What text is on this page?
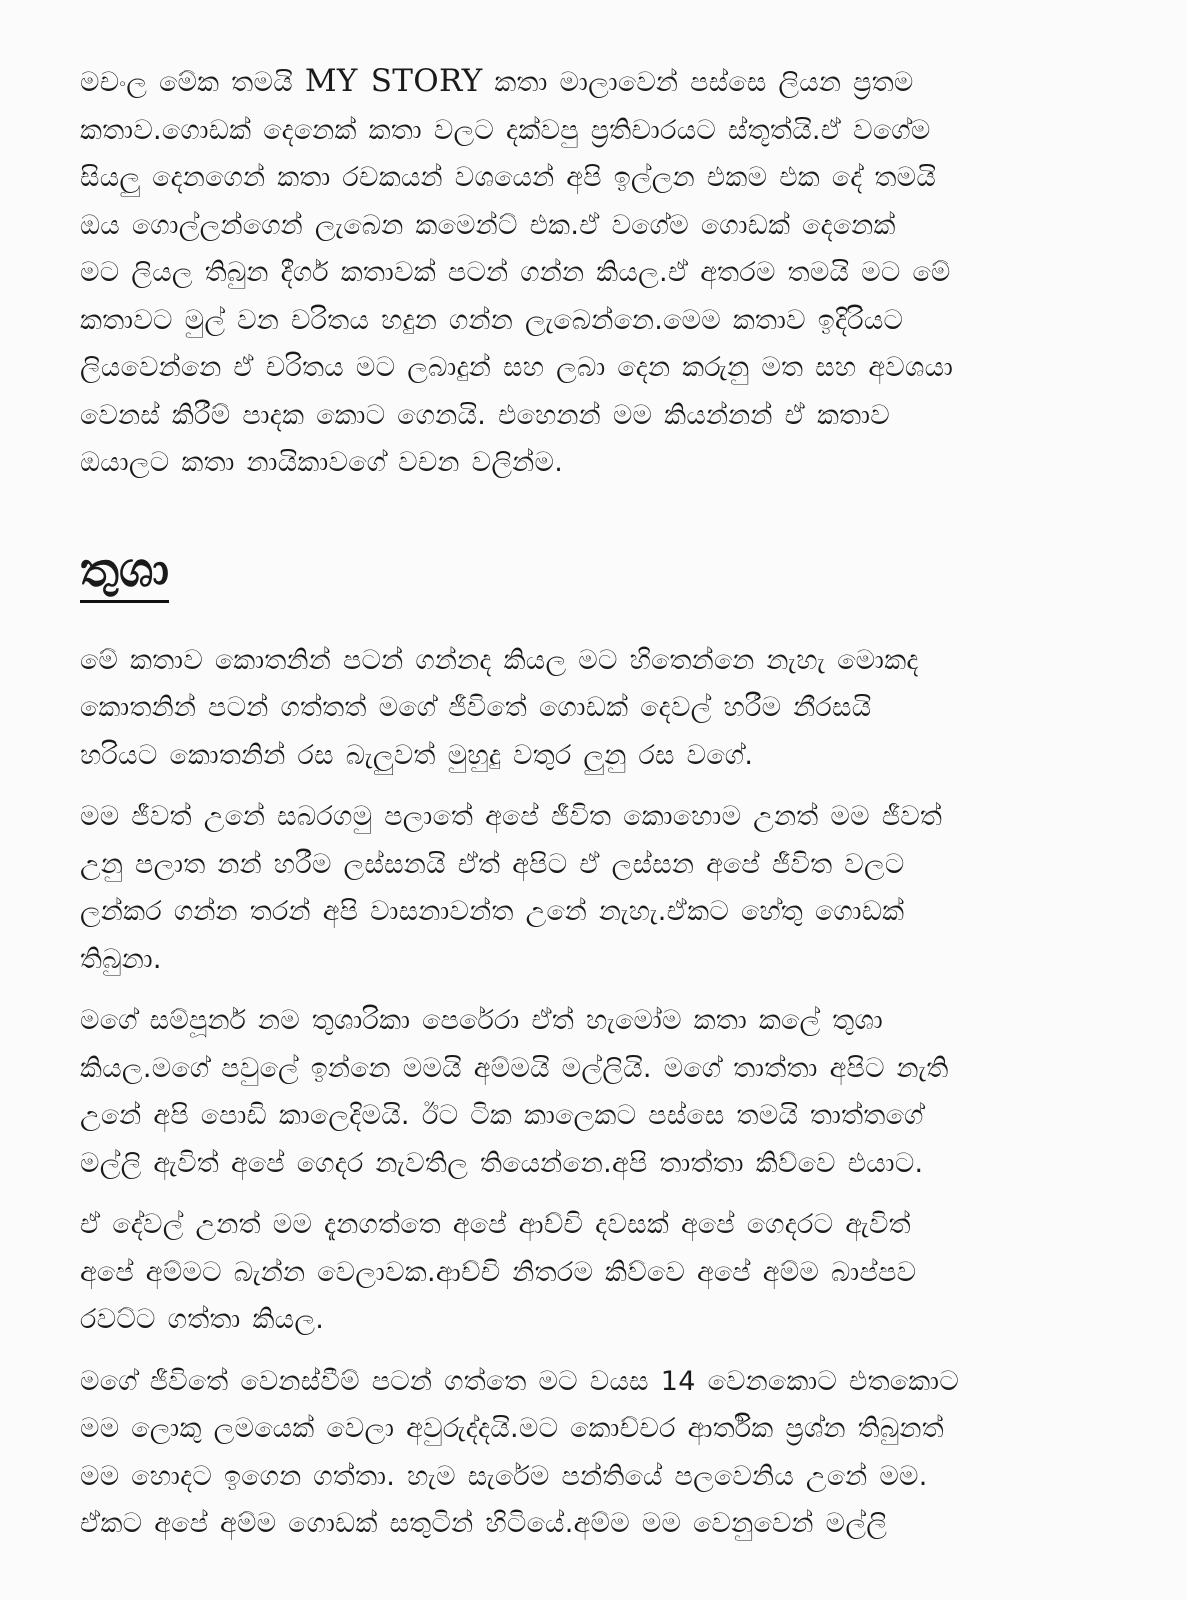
මචංල මේක තමයි MY STORY කතා මාලාවෙන් පස්සෙ ලියන ප්‍රතම
කතාව.ගොඩක් දෙනෙක් කතා වලට දක්වපු ප්‍රතිචාරයට ස්තූත්යි.ඒ වගේම
සියලු දෙනගෙන් කතා රචකයන් වශයෙන් අපි ඉල්ලන එකම එක දේ තමයි
ඔය ගොල්ලන්ගෙන් ලැබෙන කමෙන්ට් එක.ඒ වගේම ගොඩක් දෙනෙක්
මට ලියල තිබුන දීර්ග කතාවක් පටන් ගන්න කියල.ඒ අතරම තමයි මට මේ
කතාවට මුල් වන චරිතය හදුන ගන්න ලැබෙන්නෙ.මෙම කතාව ඉදිරියට
ලියවෙන්නෙ ඒ චරිතය මට ලබාදුන් සහ ලබා දෙන කරුනු මත සහ අවශයා
වෙනස් කිරීම් පාදක කොට ගෙනයි. එහෙනන් මම කියන්නන් ඒ කතාව
ඔයාලට කතා නායිකාවගේ වචන වලින්ම.

තුශා

මේ කතාව කොතනින් පටන් ගන්නද කියල මට හිතෙන්නෙ නැහැ මොකද
කොතනින් පටන් ගත්තත් මගේ ජීවිතේ ගොඩක් දෙවල් හරීම නීරසයි
හරියට කොතනින් රස බැලුවත් මුහුදු වතුර ලුනු රස වගේ.

මම ජීවත් උනේ සබරගමු පලාතේ අපේ ජීවිත කොහොම උනත් මම ජීවත්
උනු පලාත නන් හරීම ලස්සනයි ඒත් අපිට ඒ ලස්සන අපේ ජීවිත වලට
ලන්කර ගන්න තරන් අපි වාසනාවන්ත උනේ නැහැ.ඒකට හේතු ගොඩක්
තිබුනා.

මගේ සම්පූර්න නම තුශාරිකා පෙරේරා ඒත් හැමෝම කතා කලේ තුශා
කියල.මගේ පවුලේ ඉන්නෙ මමයි අම්මයි මල්ලියි. මගේ තාත්තා අපිට නැති
උනේ අපි පොඩි කාලෙදිමයි. ඊට ටික කාලෙකට පස්සෙ තමයි තාත්තගේ
මල්ලි ඇවිත් අපේ ගෙදර නැවතිල තියෙන්නෙ.අපි තාත්තා කිව්වෙ එයාට.

ඒ දේවල් උනත් මම දැනගත්තෙ අපේ ආච්චි දවසක් අපේ ගෙදරට ඇවිත්
අපේ අම්මට බැන්න වෙලාවක.ආච්චි නිතරම කිව්වෙ අපේ අම්ම බාප්පව
රවට්ට ගත්තා කියල.

මගේ ජීවිතේ වෙනස්වීම් පටන් ගත්තෙ මට වයස 14 වෙනකොට එතකොට
මම ලොකු ලමයෙක් වෙලා අවුරුද්දයි.මට කොච්චර ආර්තික ප්‍රශ්න තිබුනත්
මම හොදට ඉගෙන ගත්තා. හැම සැරේම පන්තියේ පලවෙනිය උනේ මම.
ඒකට අපේ අම්ම ගොඩක් සතුටින් හිටියේ.අම්ම මම වෙනුවෙන් මල්ලි
